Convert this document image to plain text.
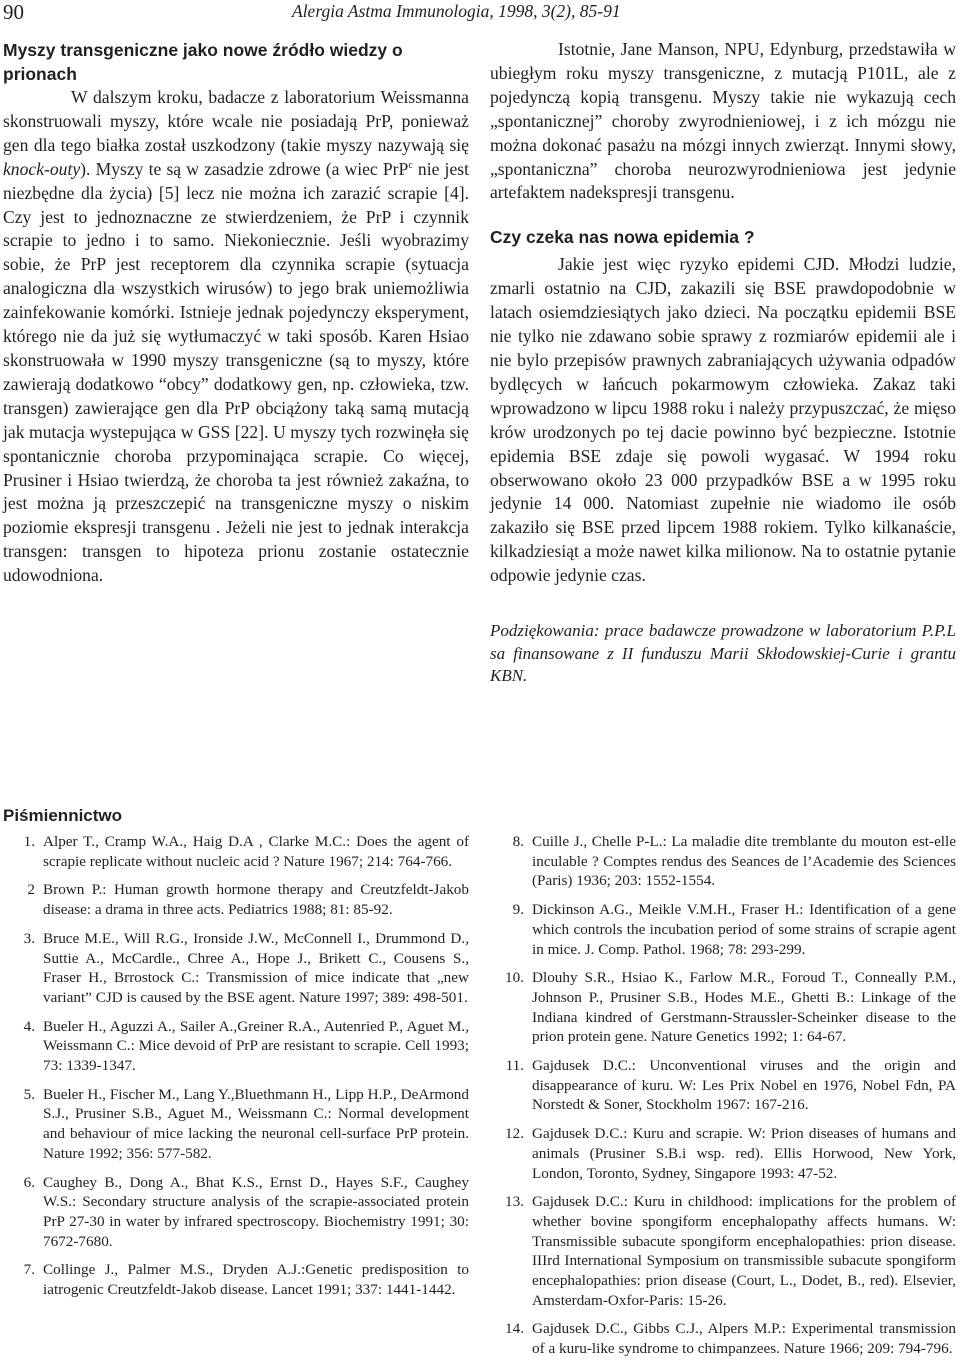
90	Alergia Astma Immunologia, 1998, 3(2), 85-91
Myszy transgeniczne jako nowe źródło wiedzy o prionach

W dalszym kroku, badacze z laboratorium Weissmanna skonstruowali myszy, które wcale nie posiadają PrP, ponieważ gen dla tego białka został uszkodzony (takie myszy nazywają się knock-outy). Myszy te są w zasadzie zdrowe (a wiec PrP$^c$ nie jest niezbędne dla życia) [5] lecz nie można ich zarazić scrapie [4]. Czy jest to jednoznaczne ze stwierdzeniem, że PrP i czynnik scrapie to jedno i to samo. Niekoniecznie. Jeśli wyobrazimy sobie, że PrP jest receptorem dla czynnika scrapie (sytuacja analogiczna dla wszystkich wirusów) to jego brak uniemożliwia zainfekowanie komórki. Istnieje jednak pojedynczy eksperyment, którego nie da już się wytłumaczyć w taki sposób. Karen Hsiao skonstruowała w 1990 myszy transgeniczne (są to myszy, które zawierają dodatkowo “obcy” dodatkowy gen, np. człowieka, tzw. transgen) zawierające gen dla PrP obciążony taką samą mutacją jak mutacja wystepująca w GSS [22]. U myszy tych rozwinęła się spontanicznie choroba przypominająca scrapie. Co więcej, Prusiner i Hsiao twierdzą, że choroba ta jest również zakaźna, to jest można ją przeszczepić na transgeniczne myszy o niskim poziomie ekspresji transgenu . Jeżeli nie jest to jednak interakcja transgen: transgen to hipoteza prionu zostanie ostatecznie udowodniona.

Istotnie, Jane Manson, NPU, Edynburg, przedstawiła w ubiegłym roku myszy transgeniczne, z mutacją P101L, ale z pojedynczą kopią transgenu. Myszy takie nie wykazują cech „spontanicznej” choroby zwyrodnieniowej, i z ich mózgu nie można dokonać pasażu na mózgi innych zwierząt. Innymi słowy, „spontaniczna” choroba neurozwyrodnieniowa jest jedynie artefaktem nadekspresji transgenu.

Czy czeka nas nowa epidemia ?

Jakie jest więc ryzyko epidemi CJD. Młodzi ludzie, zmarli ostatnio na CJD, zakazili się BSE prawdopodobnie w latach osiemdziesiątych jako dzieci. Na początku epidemii BSE nie tylko nie zdawano sobie sprawy z rozmiarów epidemii ale i nie bylo przepisów prawnych zabraniających używania odpadów bydlęcych w łańcuch pokarmowym człowieka. Zakaz taki wprowadzono w lipcu 1988 roku i należy przypuszczać, że mięso krów urodzonych po tej dacie powinno być bezpieczne. Istotnie epidemia BSE zdaje się powoli wygasać. W 1994 roku obserwowano około 23 000 przypadków BSE a w 1995 roku jedynie 14 000. Natomiast zupełnie nie wiadomo ile osób zakaziło się BSE przed lipcem 1988 rokiem. Tylko kilkanaście, kilkadziesiąt a może nawet kilka milionow. Na to ostatnie pytanie odpowie jedynie czas.

Podziękowania: prace badawcze prowadzone w laboratorium P.P.L sa finansowane z II funduszu Marii Skłodowskiej-Curie i grantu KBN.

Piśmiennictwo
1. Alper T., Cramp W.A., Haig D.A , Clarke M.C.: Does the agent of scrapie replicate without nucleic acid ? Nature 1967; 214: 764-766.
2 Brown P.: Human growth hormone therapy and Creutzfeldt-Jakob disease: a drama in three acts. Pediatrics 1988; 81: 85-92.
3. Bruce M.E., Will R.G., Ironside J.W., McConnell I., Drummond D., Suttie A., McCardle., Chree A., Hope J., Brikett C., Cousens S., Fraser H., Brrostock C.: Transmission of mice indicate that „new variant” CJD is caused by the BSE agent. Nature 1997; 389: 498-501.
4. Bueler H., Aguzzi A., Sailer A.,Greiner R.A., Autenried P., Aguet M., Weissmann C.: Mice devoid of PrP are resistant to scrapie. Cell 1993; 73: 1339-1347.
5. Bueler H., Fischer M., Lang Y.,Bluethmann H., Lipp H.P., DeArmond S.J., Prusiner S.B., Aguet M., Weissmann C.: Normal development and behaviour of mice lacking the neuronal cell-surface PrP protein. Nature 1992; 356: 577-582.
6. Caughey B., Dong A., Bhat K.S., Ernst D., Hayes S.F., Caughey W.S.: Secondary structure analysis of the scrapie-associated protein PrP 27-30 in water by infrared spectroscopy. Biochemistry 1991; 30: 7672-7680.
7. Collinge J., Palmer M.S., Dryden A.J.:Genetic predisposition to iatrogenic Creutzfeldt-Jakob disease. Lancet 1991; 337: 1441-1442.
8. Cuille J., Chelle P-L.: La maladie dite tremblante du mouton est-elle inculable ? Comptes rendus des Seances de l’Academie des Sciences (Paris) 1936; 203: 1552-1554.
9. Dickinson A.G., Meikle V.M.H., Fraser H.: Identification of a gene which controls the incubation period of some strains of scrapie agent in mice. J. Comp. Pathol. 1968; 78: 293-299.
10. Dlouhy S.R., Hsiao K., Farlow M.R., Foroud T., Conneally P.M., Johnson P., Prusiner S.B., Hodes M.E., Ghetti B.: Linkage of the Indiana kindred of Gerstmann-Straussler-Scheinker disease to the prion protein gene. Nature Genetics 1992; 1: 64-67.
11. Gajdusek D.C.: Unconventional viruses and the origin and disappearance of kuru. W: Les Prix Nobel en 1976, Nobel Fdn, PA Norstedt & Soner, Stockholm 1967: 167-216.
12. Gajdusek D.C.: Kuru and scrapie. W: Prion diseases of humans and animals (Prusiner S.B.i wsp. red). Ellis Horwood, New York, London, Toronto, Sydney, Singapore 1993: 47-52.
13. Gajdusek D.C.: Kuru in childhood: implications for the problem of whether bovine spongiform encephalopathy affects humans. W: Transmissible subacute spongiform encephalopathies: prion disease. IIIrd International Symposium on transmissible subacute spongiform encephalopathies: prion disease (Court, L., Dodet, B., red). Elsevier, Amsterdam-Oxfor-Paris: 15-26.
14. Gajdusek D.C., Gibbs C.J., Alpers M.P.: Experimental transmission of a kuru-like syndrome to chimpanzees. Nature 1966; 209: 794-796.
